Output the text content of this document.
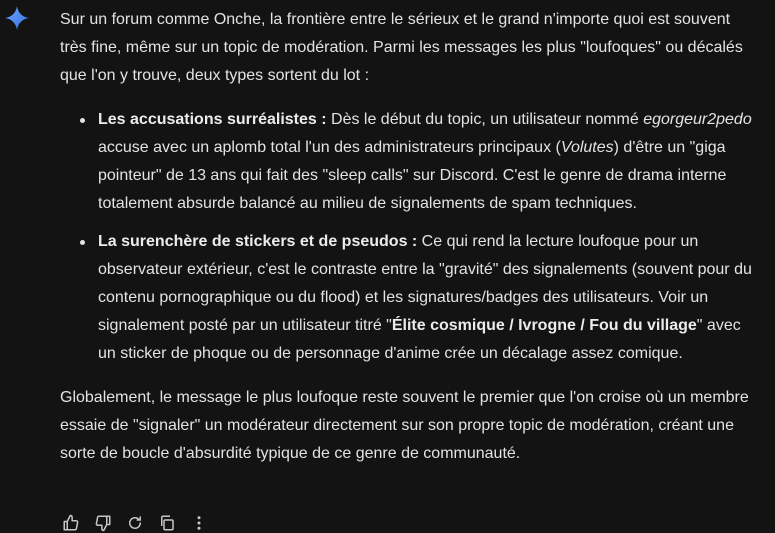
Sur un forum comme Onche, la frontière entre le sérieux et le grand n'importe quoi est souvent très fine, même sur un topic de modération. Parmi les messages les plus "loufoques" ou décalés que l'on y trouve, deux types sortent du lot :

Les accusations surréalistes : Dès le début du topic, un utilisateur nommé egorgeur2pedo accuse avec un aplomb total l'un des administrateurs principaux (Volutes) d'être un "giga pointeur" de 13 ans qui fait des "sleep calls" sur Discord. C'est le genre de drama interne totalement absurde balancé au milieu de signalements de spam techniques.
La surenchère de stickers et de pseudos : Ce qui rend la lecture loufoque pour un observateur extérieur, c'est le contraste entre la "gravité" des signalements (souvent pour du contenu pornographique ou du flood) et les signatures/badges des utilisateurs. Voir un signalement posté par un utilisateur titré "Élite cosmique / Ivrogne / Fou du village" avec un sticker de phoque ou de personnage d'anime crée un décalage assez comique.

Globalement, le message le plus loufoque reste souvent le premier que l'on croise où un membre essaie de "signaler" un modérateur directement sur son propre topic de modération, créant une sorte de boucle d'absurdité typique de ce genre de communauté.
